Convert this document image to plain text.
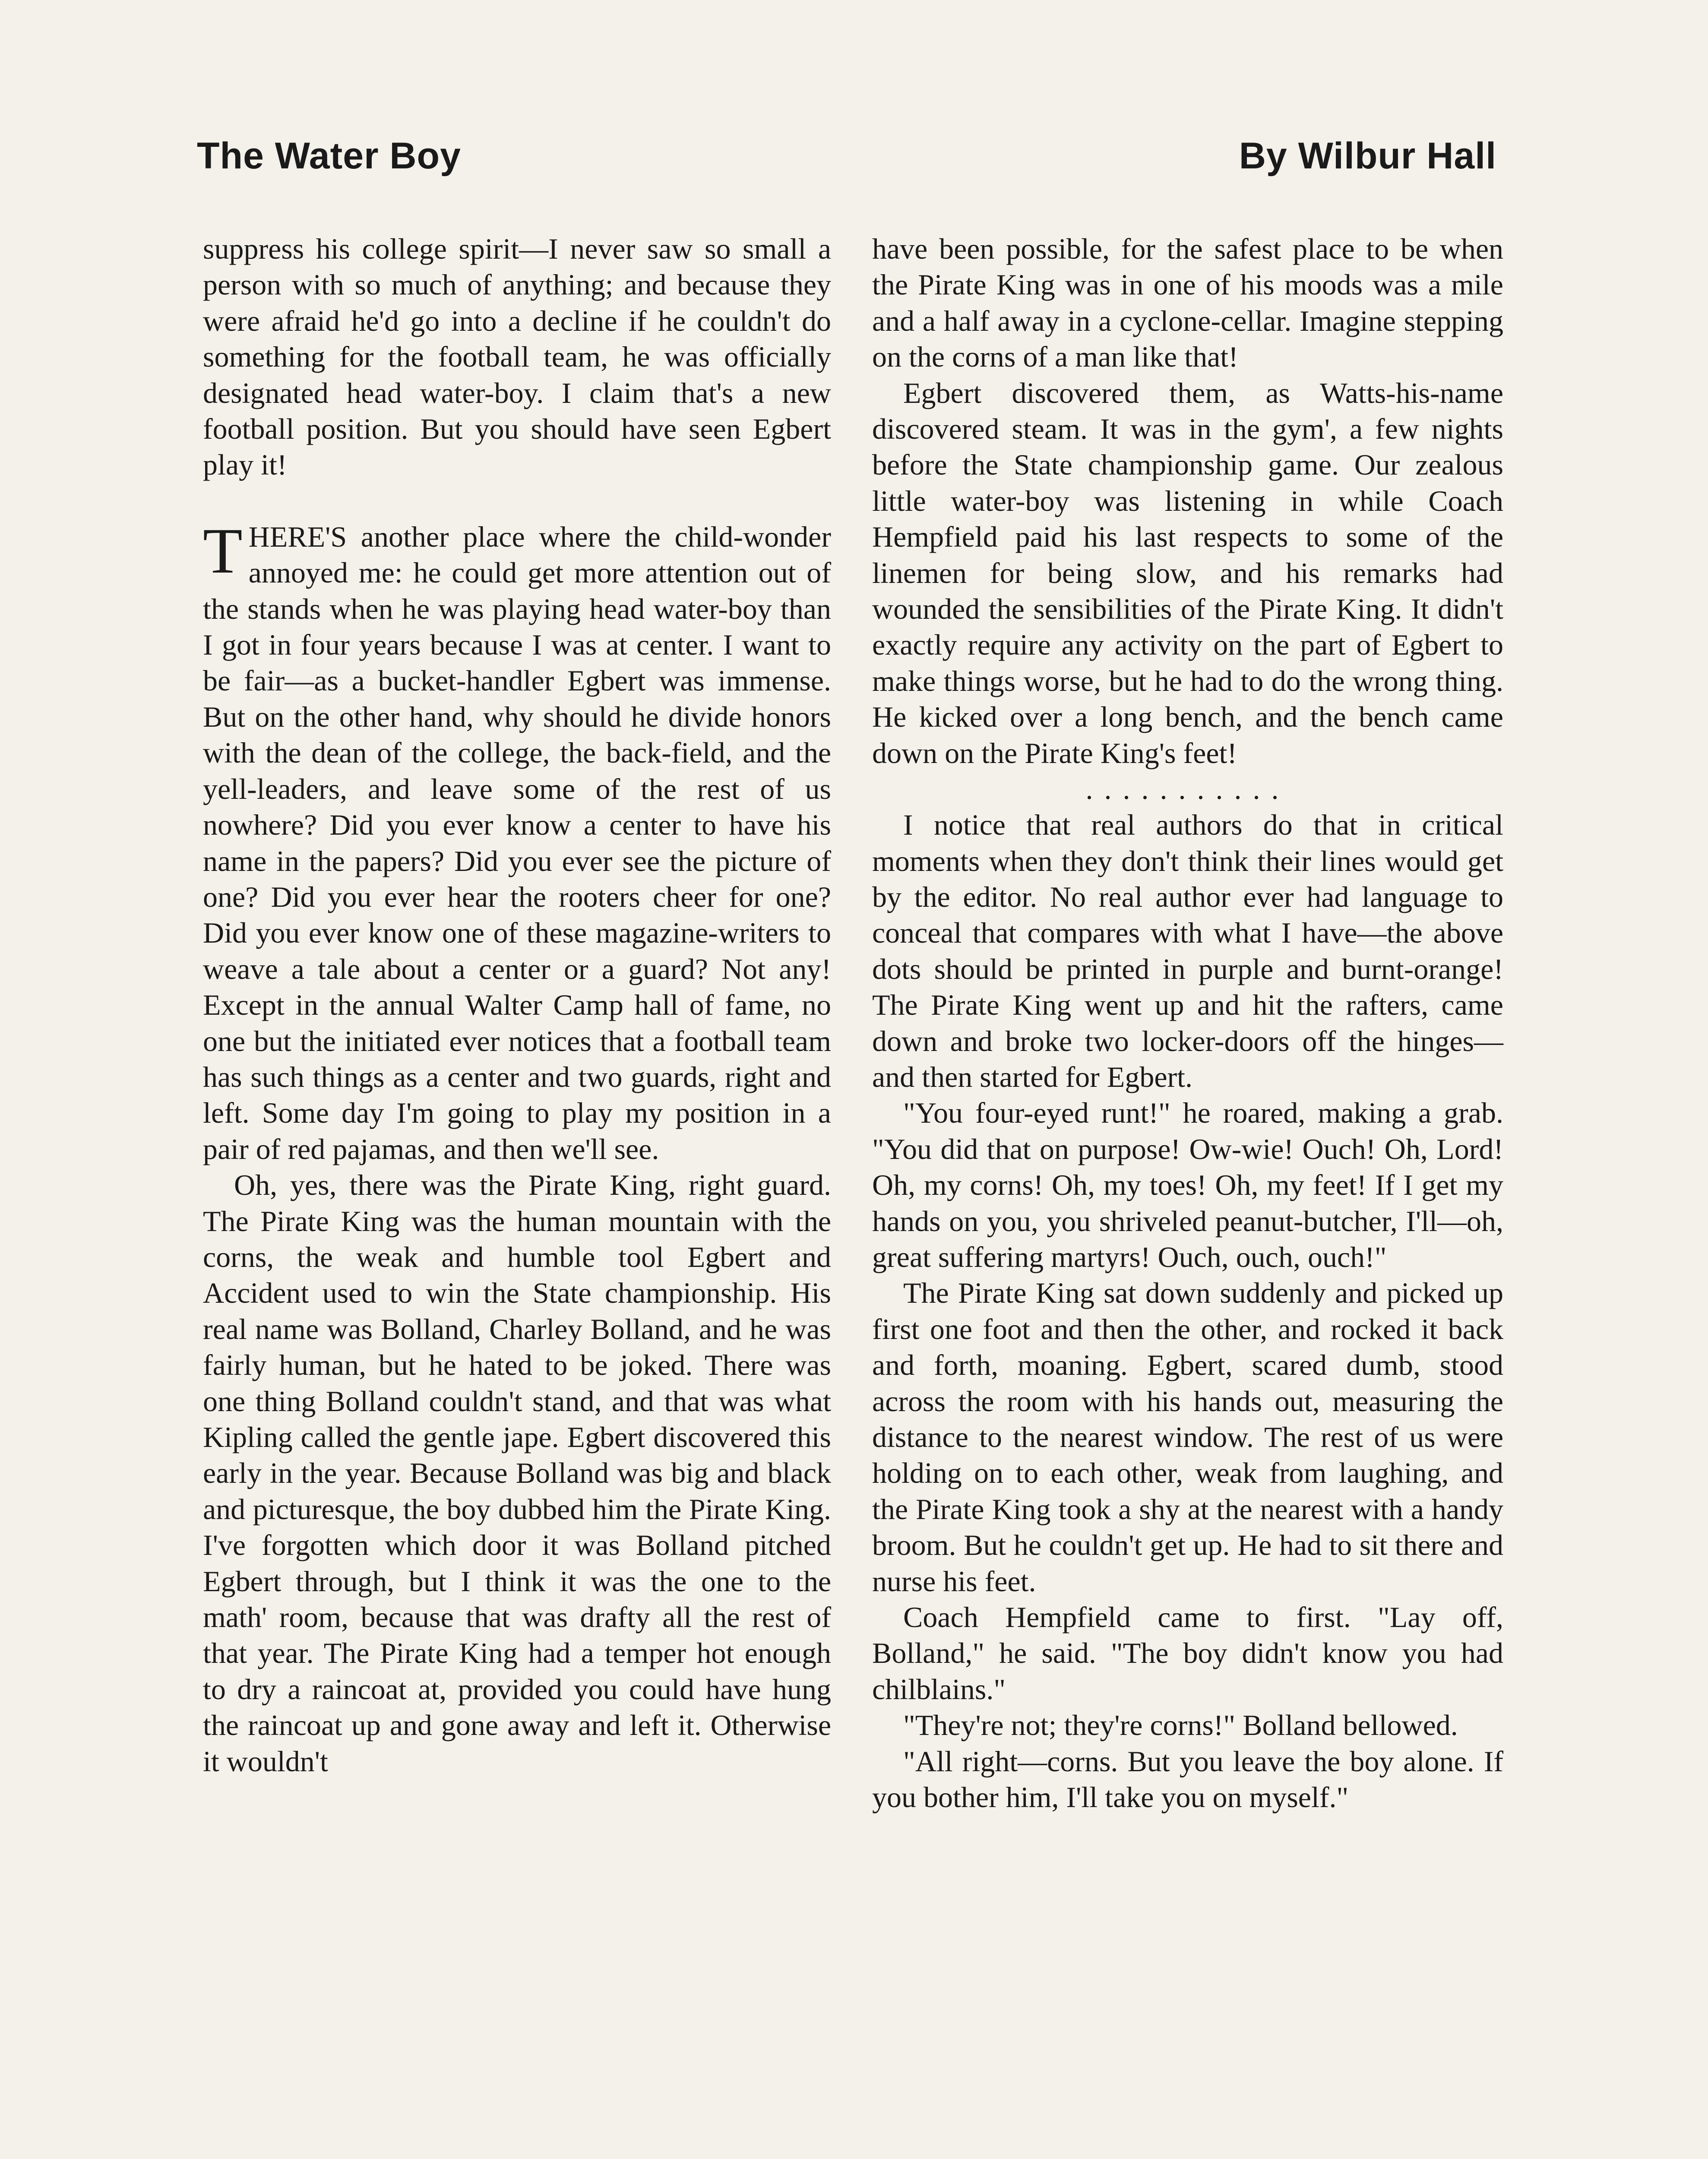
The Water Boy	By Wilbur Hall

suppress his college spirit—I never saw so small a person with so much of anything; and because they were afraid he'd go into a decline if he couldn't do something for the football team, he was officially designated head water-boy. I claim that's a new football position. But you should have seen Egbert play it!

THERE'S another place where the child-wonder annoyed me: he could get more attention out of the stands when he was playing head water-boy than I got in four years because I was at center. I want to be fair—as a bucket-handler Egbert was immense. But on the other hand, why should he divide honors with the dean of the college, the back-field, and the yell-leaders, and leave some of the rest of us nowhere? Did you ever know a center to have his name in the papers? Did you ever see the picture of one? Did you ever hear the rooters cheer for one? Did you ever know one of these magazine-writers to weave a tale about a center or a guard? Not any! Except in the annual Walter Camp hall of fame, no one but the initiated ever notices that a football team has such things as a center and two guards, right and left. Some day I'm going to play my position in a pair of red pajamas, and then we'll see.

Oh, yes, there was the Pirate King, right guard. The Pirate King was the human mountain with the corns, the weak and humble tool Egbert and Accident used to win the State championship. His real name was Bolland, Charley Bolland, and he was fairly human, but he hated to be joked. There was one thing Bolland couldn't stand, and that was what Kipling called the gentle jape. Egbert discovered this early in the year. Because Bolland was big and black and picturesque, the boy dubbed him the Pirate King. I've forgotten which door it was Bolland pitched Egbert through, but I think it was the one to the math' room, because that was drafty all the rest of that year. The Pirate King had a temper hot enough to dry a raincoat at, provided you could have hung the raincoat up and gone away and left it. Otherwise it wouldn't

have been possible, for the safest place to be when the Pirate King was in one of his moods was a mile and a half away in a cyclone-cellar. Imagine stepping on the corns of a man like that!

Egbert discovered them, as Watts-his-name discovered steam. It was in the gym', a few nights before the State championship game. Our zealous little water-boy was listening in while Coach Hempfield paid his last respects to some of the linemen for being slow, and his remarks had wounded the sensibilities of the Pirate King. It didn't exactly require any activity on the part of Egbert to make things worse, but he had to do the wrong thing. He kicked over a long bench, and the bench came down on the Pirate King's feet!

...........

I notice that real authors do that in critical moments when they don't think their lines would get by the editor. No real author ever had language to conceal that compares with what I have—the above dots should be printed in purple and burnt-orange! The Pirate King went up and hit the rafters, came down and broke two locker-doors off the hinges—and then started for Egbert.

"You four-eyed runt!" he roared, making a grab. "You did that on purpose! Ow-wie! Ouch! Oh, Lord! Oh, my corns! Oh, my toes! Oh, my feet! If I get my hands on you, you shriveled peanut-butcher, I'll—oh, great suffering martyrs! Ouch, ouch, ouch!"

The Pirate King sat down suddenly and picked up first one foot and then the other, and rocked it back and forth, moaning. Egbert, scared dumb, stood across the room with his hands out, measuring the distance to the nearest window. The rest of us were holding on to each other, weak from laughing, and the Pirate King took a shy at the nearest with a handy broom. But he couldn't get up. He had to sit there and nurse his feet.

Coach Hempfield came to first. "Lay off, Bolland," he said. "The boy didn't know you had chilblains."

"They're not; they're corns!" Bolland bellowed.

"All right—corns. But you leave the boy alone. If you bother him, I'll take you on myself."
